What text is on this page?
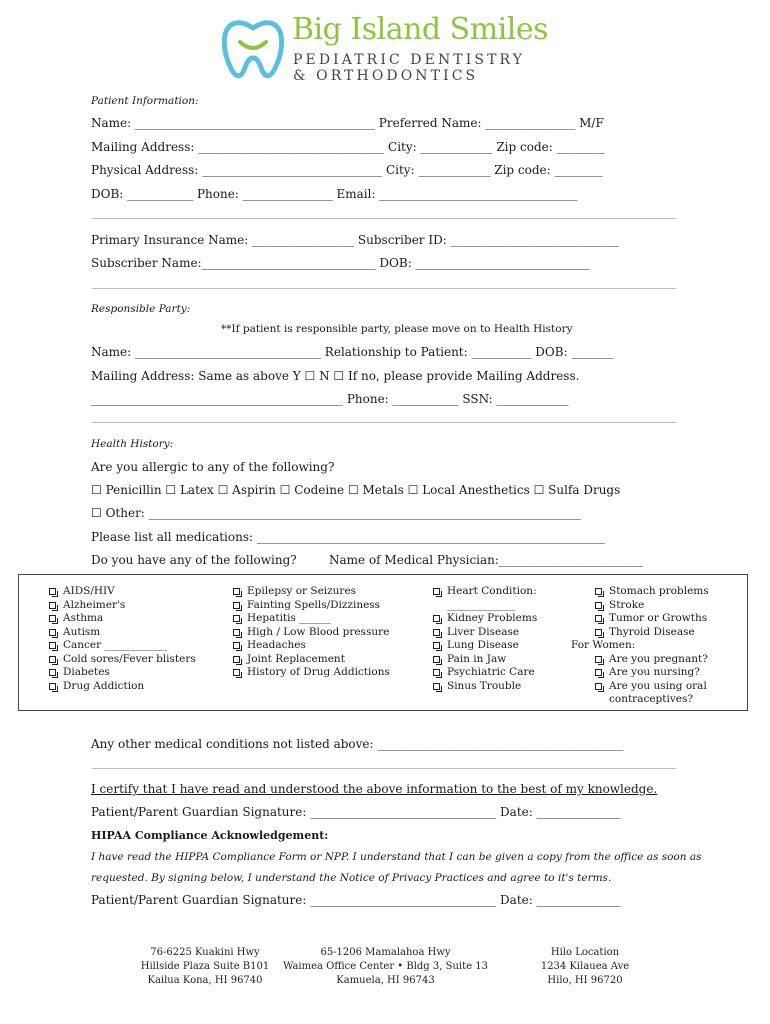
Big Island Smiles
PEDIATRIC DENTISTRY
& ORTHODONTICS
Patient Information:
Name: ________________________________________ Preferred Name: _______________ M/F
Mailing Address: _______________________________ City: ____________ Zip code: ________
Physical Address: ______________________________ City: ____________ Zip code: ________
DOB: ___________ Phone: _______________ Email: _________________________________
Primary Insurance Name: _________________ Subscriber ID: ____________________________
Subscriber Name:_____________________________ DOB: _____________________________
Responsible Party:
**If patient is responsible party, please move on to Health History
Name: _______________________________ Relationship to Patient: __________ DOB: _______
Mailing Address: Same as above Y ☐ N ☐ If no, please provide Mailing Address.
__________________________________________ Phone: ___________ SSN: ____________
Health History:
Are you allergic to any of the following?
☐ Penicillin ☐ Latex ☐ Aspirin ☐ Codeine ☐ Metals ☐ Local Anesthetics ☐ Sulfa Drugs
☐ Other: ________________________________________________________________________
Please list all medications: __________________________________________________________
Do you have any of the following?	Name of Medical Physician:________________________
AIDS/HIV
Alzheimer's
Asthma
Autism
Cancer ____________
Cold sores/Fever blisters
Diabetes
Drug Addiction
Epilepsy or Seizures
Fainting Spells/Dizziness
Hepatitis ______
High / Low Blood pressure
Headaches
Joint Replacement
History of Drug Addictions
Heart Condition:
_____________
Kidney Problems
Liver Disease
Lung Disease
Pain in Jaw
Psychiatric Care
Sinus Trouble
Stomach problems
Stroke
Tumor or Growths
Thyroid Disease
For Women:
Are you pregnant?
Are you nursing?
Are you using oral
contraceptives?
Any other medical conditions not listed above: _________________________________________
I certify that I have read and understood the above information to the best of my knowledge.
Patient/Parent Guardian Signature: _______________________________ Date: ______________
HIPAA Compliance Acknowledgement:
I have read the HIPPA Compliance Form or NPP. I understand that I can be given a copy from the office as soon as
requested. By signing below, I understand the Notice of Privacy Practices and agree to it's terms.
Patient/Parent Guardian Signature: _______________________________ Date: ______________
76-6225 Kuakini Hwy
Hillside Plaza Suite B101
Kailua Kona, HI 96740
65-1206 Mamalahoa Hwy
Waimea Office Center • Bldg 3, Suite 13
Kamuela, HI 96743
Hilo Location
1234 Kilauea Ave
Hilo, HI 96720
